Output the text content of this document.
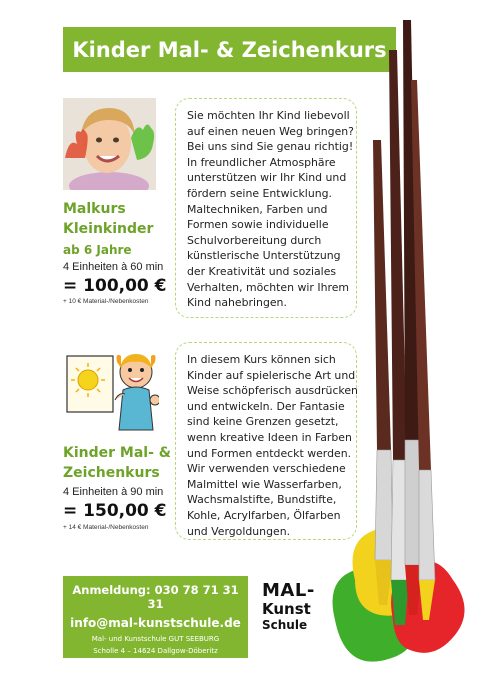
Kinder Mal- & Zeichenkurs
Malkurs
Kleinkinder
ab 6 Jahre
4 Einheiten à 60 min
= 100,00 €
+ 10 € Material-/Nebenkosten
Sie möchten Ihr Kind liebevoll
auf einen neuen Weg bringen?
Bei uns sind Sie genau richtig!
In freundlicher Atmosphäre
unterstützen wir Ihr Kind und
fördern seine Entwicklung.
Maltechniken, Farben und
Formen sowie individuelle
Schulvorbereitung durch
künstlerische Unterstützung
der Kreativität und soziales
Verhalten, möchten wir Ihrem
Kind nahebringen.
Kinder Mal- &
Zeichenkurs
4 Einheiten à 90 min
= 150,00 €
+ 14 € Material-/Nebenkosten
In diesem Kurs können sich
Kinder auf spielerische Art und
Weise schöpferisch ausdrücken
und entwickeln. Der Fantasie
sind keine Grenzen gesetzt,
wenn kreative Ideen in Farben
und Formen entdeckt werden.
Wir verwenden verschiedene
Malmittel wie Wasserfarben,
Wachsmalstifte, Bundstifte,
Kohle, Acrylfarben, Ölfarben
und Vergoldungen.
Anmeldung: 030 78 71 31 31
info@mal-kunstschule.de
Mal- und Kunstschule GUT SEEBURG
Scholle 4 – 14624 Dallgow-Döberitz
MAL-
Kunst
Schule
